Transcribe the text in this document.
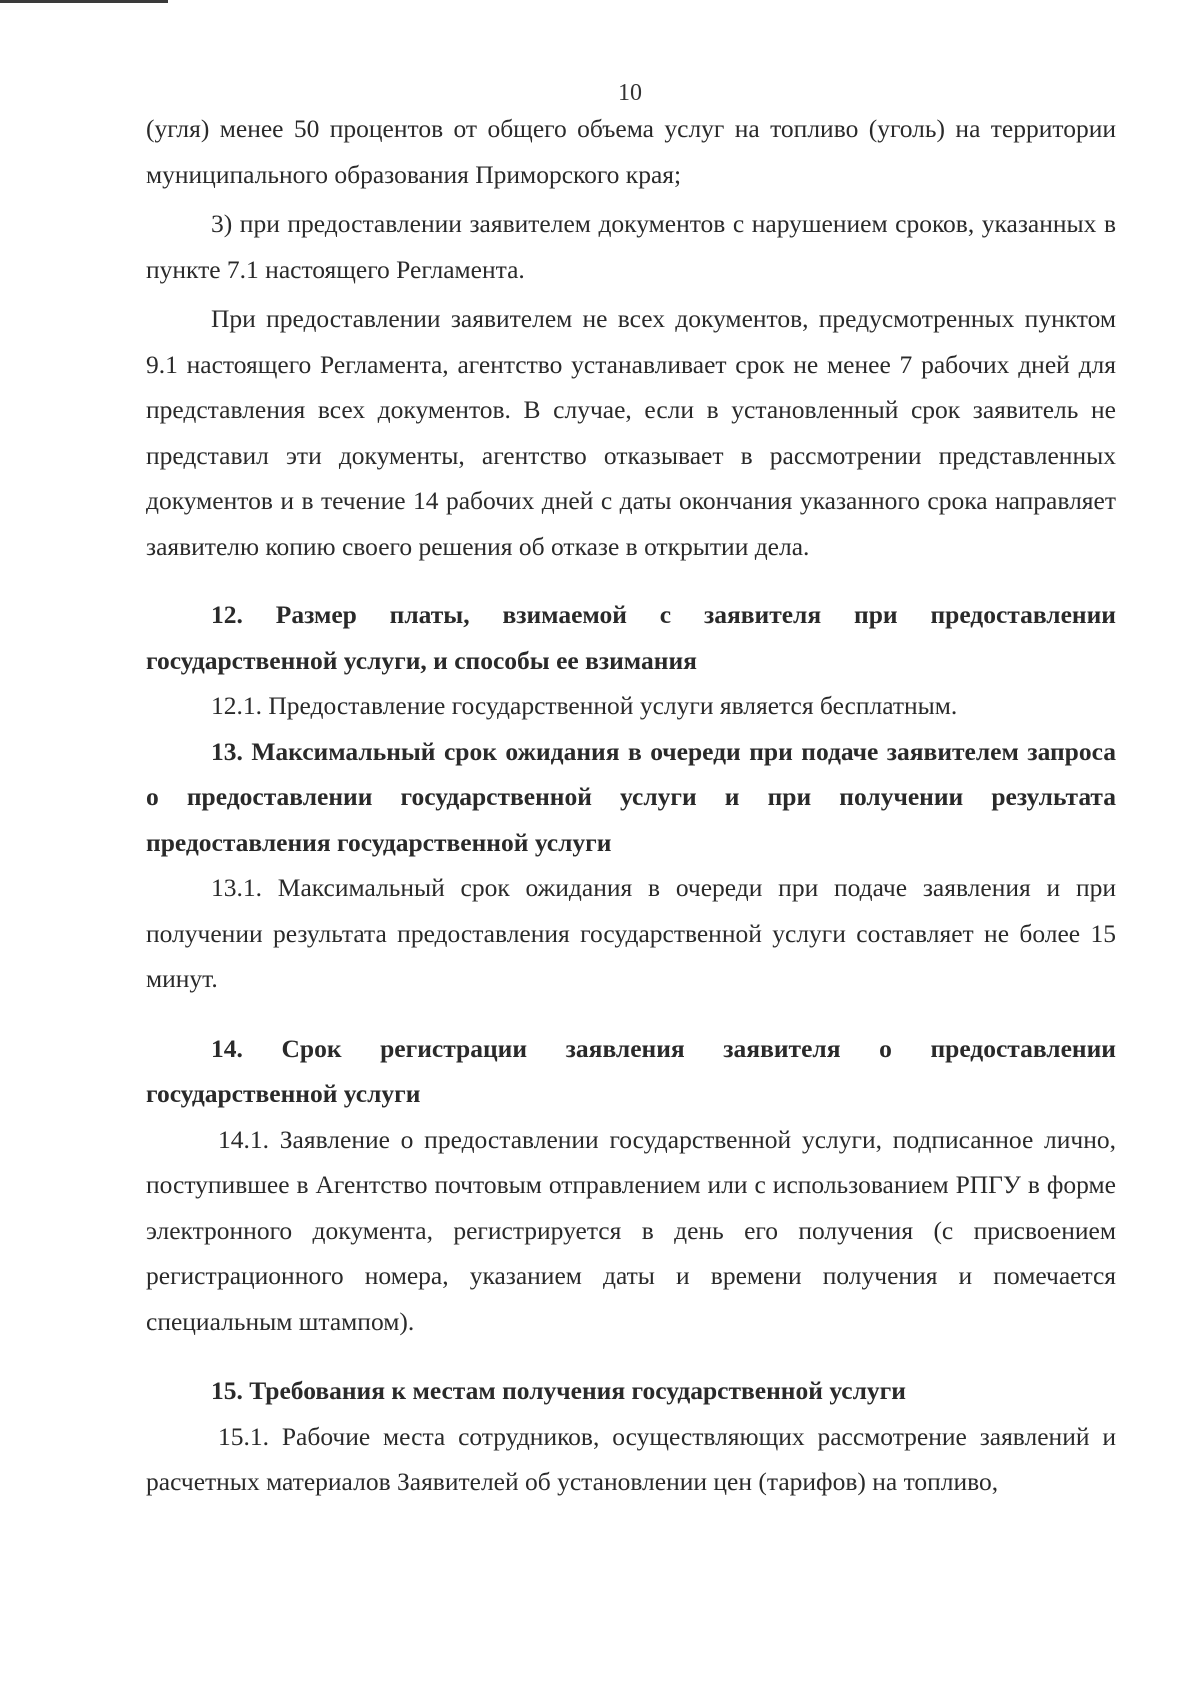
10

(угля) менее 50 процентов от общего объема услуг на топливо (уголь) на территории муниципального образования Приморского края;

3) при предоставлении заявителем документов с нарушением сроков, указанных в пункте 7.1 настоящего Регламента.

При предоставлении заявителем не всех документов, предусмотренных пунктом 9.1 настоящего Регламента, агентство устанавливает срок не менее 7 рабочих дней для представления всех документов. В случае, если в установленный срок заявитель не представил эти документы, агентство отказывает в рассмотрении представленных документов и в течение 14 рабочих дней с даты окончания указанного срока направляет заявителю копию своего решения об отказе в открытии дела.

12. Размер платы, взимаемой с заявителя при предоставлении государственной услуги, и способы ее взимания

12.1. Предоставление государственной услуги является бесплатным.

13. Максимальный срок ожидания в очереди при подаче заявителем запроса о предоставлении государственной услуги и при получении результата предоставления государственной услуги

13.1. Максимальный срок ожидания в очереди при подаче заявления и при получении результата предоставления государственной услуги составляет не более 15 минут.

14. Срок регистрации заявления заявителя о предоставлении государственной услуги

14.1. Заявление о предоставлении государственной услуги, подписанное лично, поступившее в Агентство почтовым отправлением или с использованием РПГУ в форме электронного документа, регистрируется в день его получения (с присвоением регистрационного номера, указанием даты и времени получения и помечается специальным штампом).

15. Требования к местам получения государственной услуги

15.1. Рабочие места сотрудников, осуществляющих рассмотрение заявлений и расчетных материалов Заявителей об установлении цен (тарифов) на топливо,
